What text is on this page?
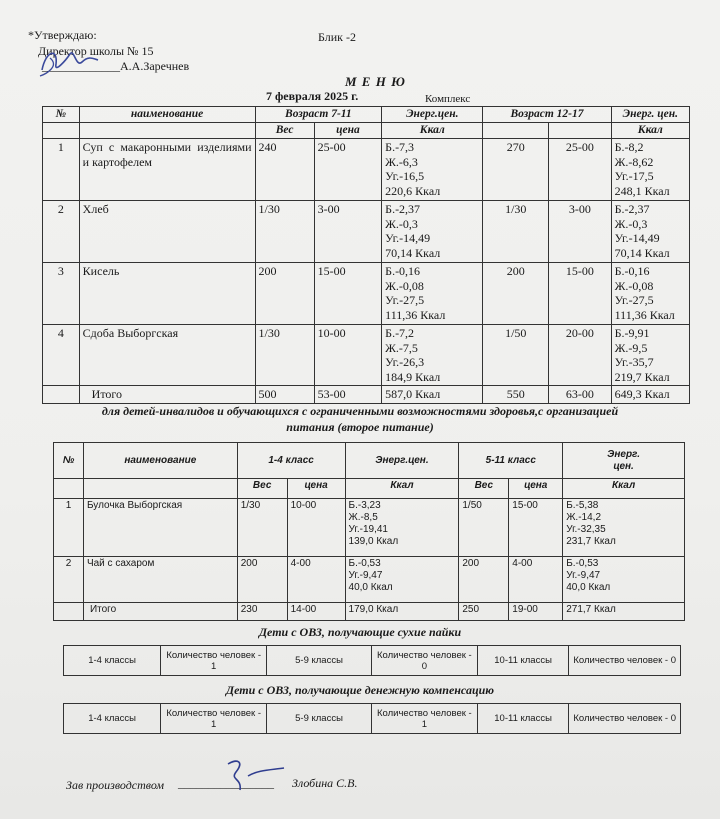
*Утверждаю:	Блик -2
Директор школы № 15
_____________А.А.Заречнев
М Е Н Ю
7 февраля 2025 г.	Комплекс
№	наименование	Возраст 7-11		Энерг.цен.	Возраст 12-17		Энерг. цен.
		Вес	цена	Ккал			Ккал
1	Суп с макаронными изделиями и картофелем	240	25-00	Б.-7,3
Ж.-6,3
Уг.-16,5
220,6 Ккал	270	25-00	Б.-8,2
Ж.-8,62
Уг.-17,5
248,1 Ккал

2	Хлеб	1/30	3-00	Б.-2,37
Ж.-0,3
Уг.-14,49
70,14 Ккал	1/30	3-00	Б.-2,37
Ж.-0,3
Уг.-14,49
70,14 Ккал

3	Кисель	200	15-00	Б.-0,16
Ж.-0,08
Уг.-27,5
111,36 Ккал	200	15-00	Б.-0,16
Ж.-0,08
Уг.-27,5
111,36 Ккал

4	Сдоба Выборгская	1/30	10-00	Б.-7,2
Ж.-7,5
Уг.-26,3
184,9 Ккал	1/50	20-00	Б.-9,91
Ж.-9,5
Уг.-35,7
219,7 Ккал

	Итого	500	53-00	587,0 Ккал	550	63-00	649,3 Ккал
для детей-инвалидов и обучающихся с ограниченными возможностями здоровья,с организацией
питания (второе питание)
№	наименование	1-4 класс		Энерг.цен.	5-11 класс		Энерг.
цен.

		Вес	цена	Ккал	Вес	цена	Ккал
1	Булочка Выборгская	1/30	10-00	Б.-3,23
Ж.-8,5
Уг.-19,41
139,0 Ккал	1/50	15-00	Б.-5,38
Ж.-14,2
Уг.-32,35
231,7 Ккал

2	Чай с сахаром	200	4-00	Б.-0,53
Уг.-9,47
40,0 Ккал	200	4-00	Б.-0,53
Уг.-9,47
40,0 Ккал

	Итого	230	14-00	179,0 Ккал	250	19-00	271,7 Ккал
Дети с ОВЗ, получающие сухие пайки
1-4 классы	Количество человек - 1	5-9 классы	Количество человек - 0	10-11 классы	Количество человек - 0
Дети с ОВЗ, получающие денежную компенсацию
1-4 классы	Количество человек - 1	5-9 классы	Количество человек - 1	10-11 классы	Количество человек - 0
Зав производством ________________ Злобина С.В.
